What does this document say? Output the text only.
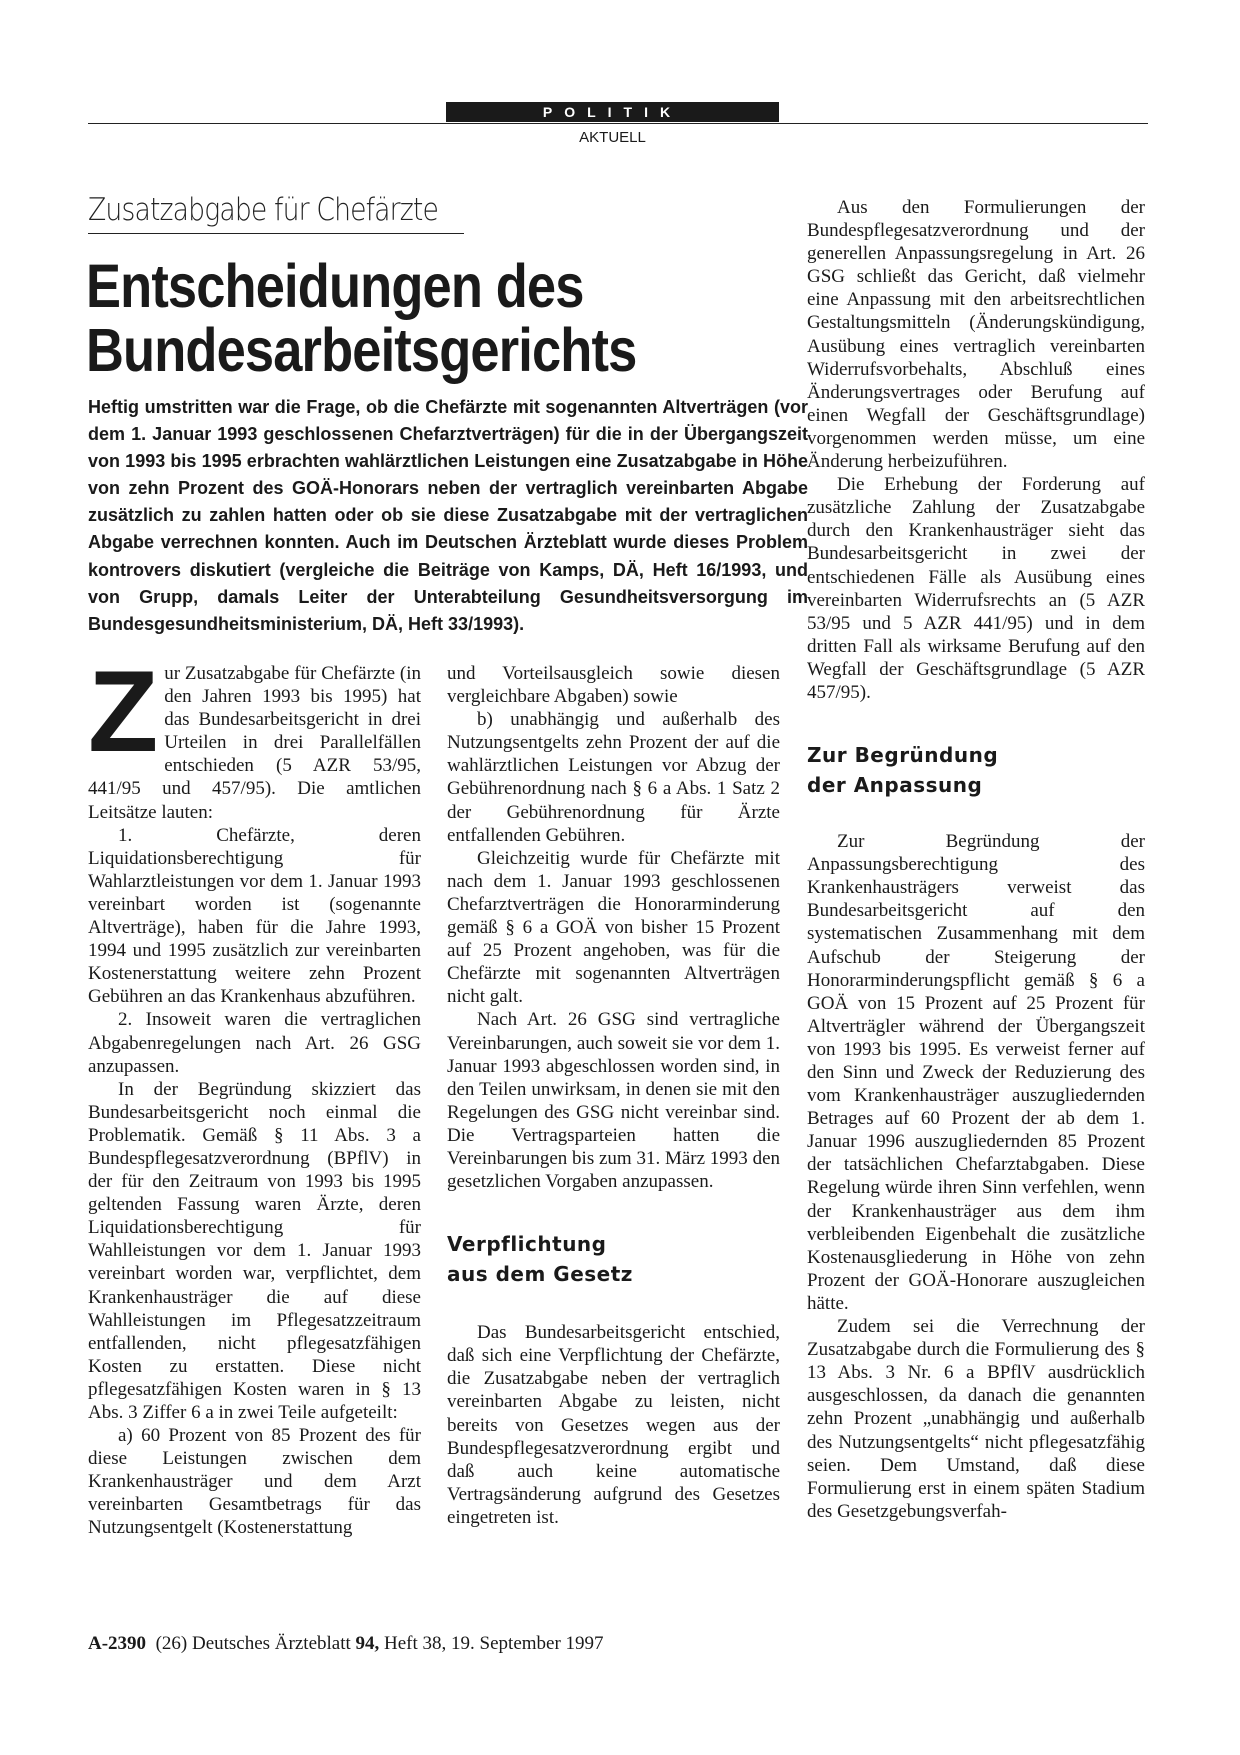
POLITIK
AKTUELL
Zusatzabgabe für Chefärzte
Entscheidungen des
Bundesarbeitsgerichts
Heftig umstritten war die Frage, ob die Chefärzte mit sogenannten Altverträgen (vor dem 1. Januar 1993 geschlossenen Chefarztverträgen) für die in der Übergangszeit von 1993 bis 1995 erbrachten wahlärztlichen Leistungen eine Zusatzabgabe in Höhe von zehn Prozent des GOÄ-Honorars neben der vertraglich vereinbarten Abgabe zusätzlich zu zahlen hatten oder ob sie diese Zusatzabgabe mit der vertraglichen Abgabe verrechnen konnten. Auch im Deutschen Ärzteblatt wurde dieses Problem kontrovers diskutiert (vergleiche die Beiträge von Kamps, DÄ, Heft 16/1993, und von Grupp, damals Leiter der Unterabteilung Gesundheitsversorgung im Bundesgesundheitsministerium, DÄ, Heft 33/1993).

Zur Zusatzabgabe für Chefärzte (in den Jahren 1993 bis 1995) hat das Bundesarbeitsgericht in drei Urteilen in drei Parallelfällen entschieden (5 AZR 53/95, 441/95 und 457/95). Die amtlichen Leitsätze lauten:

1. Chefärzte, deren Liquidationsberechtigung für Wahlarztleistungen vor dem 1. Januar 1993 vereinbart worden ist (sogenannte Altverträge), haben für die Jahre 1993, 1994 und 1995 zusätzlich zur vereinbarten Kostenerstattung weitere zehn Prozent Gebühren an das Krankenhaus abzuführen.

2. Insoweit waren die vertraglichen Abgabenregelungen nach Art. 26 GSG anzupassen.

In der Begründung skizziert das Bundesarbeitsgericht noch einmal die Problematik. Gemäß § 11 Abs. 3 a Bundespflegesatzverordnung (BPflV) in der für den Zeitraum von 1993 bis 1995 geltenden Fassung waren Ärzte, deren Liquidationsberechtigung für Wahlleistungen vor dem 1. Januar 1993 vereinbart worden war, verpflichtet, dem Krankenhausträger die auf diese Wahlleistungen im Pflegesatzzeitraum entfallenden, nicht pflegesatzfähigen Kosten zu erstatten. Diese nicht pflegesatzfähigen Kosten waren in § 13 Abs. 3 Ziffer 6 a in zwei Teile aufgeteilt:

a) 60 Prozent von 85 Prozent des für diese Leistungen zwischen dem Krankenhausträger und dem Arzt vereinbarten Gesamtbetrags für das Nutzungsentgelt (Kostenerstattung

und Vorteilsausgleich sowie diesen vergleichbare Abgaben) sowie

b) unabhängig und außerhalb des Nutzungsentgelts zehn Prozent der auf die wahlärztlichen Leistungen vor Abzug der Gebührenordnung nach § 6 a Abs. 1 Satz 2 der Gebührenordnung für Ärzte entfallenden Gebühren.

Gleichzeitig wurde für Chefärzte mit nach dem 1. Januar 1993 geschlossenen Chefarztverträgen die Honorarminderung gemäß § 6 a GOÄ von bisher 15 Prozent auf 25 Prozent angehoben, was für die Chefärzte mit sogenannten Altverträgen nicht galt.

Nach Art. 26 GSG sind vertragliche Vereinbarungen, auch soweit sie vor dem 1. Januar 1993 abgeschlossen worden sind, in den Teilen unwirksam, in denen sie mit den Regelungen des GSG nicht vereinbar sind. Die Vertragsparteien hatten die Vereinbarungen bis zum 31. März 1993 den gesetzlichen Vorgaben anzupassen.

Verpflichtung
aus dem Gesetz

Das Bundesarbeitsgericht entschied, daß sich eine Verpflichtung der Chefärzte, die Zusatzabgabe neben der vertraglich vereinbarten Abgabe zu leisten, nicht bereits von Gesetzes wegen aus der Bundespflegesatzverordnung ergibt und daß auch keine automatische Vertragsänderung aufgrund des Gesetzes eingetreten ist.

Aus den Formulierungen der Bundespflegesatzverordnung und der generellen Anpassungsregelung in Art. 26 GSG schließt das Gericht, daß vielmehr eine Anpassung mit den arbeitsrechtlichen Gestaltungsmitteln (Änderungskündigung, Ausübung eines vertraglich vereinbarten Widerrufsvorbehalts, Abschluß eines Änderungsvertrages oder Berufung auf einen Wegfall der Geschäftsgrundlage) vorgenommen werden müsse, um eine Änderung herbeizuführen.

Die Erhebung der Forderung auf zusätzliche Zahlung der Zusatzabgabe durch den Krankenhausträger sieht das Bundesarbeitsgericht in zwei der entschiedenen Fälle als Ausübung eines vereinbarten Widerrufsrechts an (5 AZR 53/95 und 5 AZR 441/95) und in dem dritten Fall als wirksame Berufung auf den Wegfall der Geschäftsgrundlage (5 AZR 457/95).

Zur Begründung
der Anpassung

Zur Begründung der Anpassungsberechtigung des Krankenhausträgers verweist das Bundesarbeitsgericht auf den systematischen Zusammenhang mit dem Aufschub der Steigerung der Honorarminderungspflicht gemäß § 6 a GOÄ von 15 Prozent auf 25 Prozent für Altverträgler während der Übergangszeit von 1993 bis 1995. Es verweist ferner auf den Sinn und Zweck der Reduzierung des vom Krankenhausträger auszugliedernden Betrages auf 60 Prozent der ab dem 1. Januar 1996 auszugliedernden 85 Prozent der tatsächlichen Chefarztabgaben. Diese Regelung würde ihren Sinn verfehlen, wenn der Krankenhausträger aus dem ihm verbleibenden Eigenbehalt die zusätzliche Kostenausgliederung in Höhe von zehn Prozent der GOÄ-Honorare auszugleichen hätte.

Zudem sei die Verrechnung der Zusatzabgabe durch die Formulierung des § 13 Abs. 3 Nr. 6 a BPflV ausdrücklich ausgeschlossen, da danach die genannten zehn Prozent „unabhängig und außerhalb des Nutzungsentgelts“ nicht pflegesatzfähig seien. Dem Umstand, daß diese Formulierung erst in einem späten Stadium des Gesetzgebungsverfah-

A-2390 (26) Deutsches Ärzteblatt 94, Heft 38, 19. September 1997
